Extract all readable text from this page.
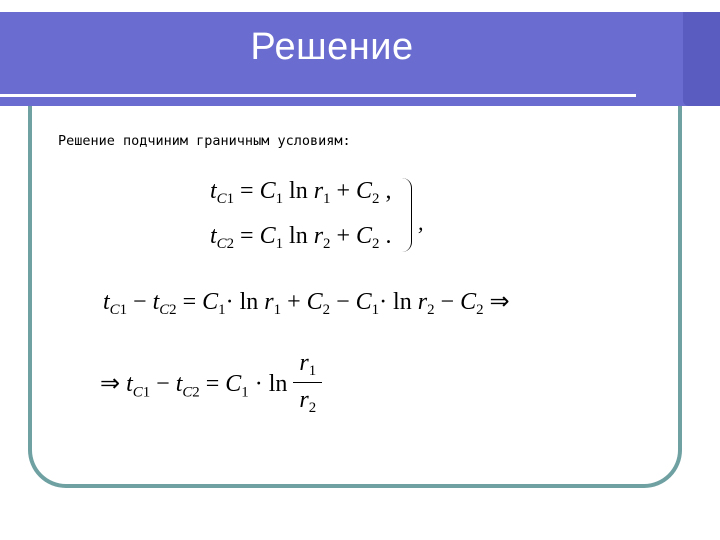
Решение
Решение подчиним граничным условиям:
$t_{C1} = C_1$ $\ln r_1 + C_2$ ,
$t_{C2} = C_1$ $\ln r_2 + C_2$ .
,
$t_{C1} - t_{C2} = C_1\cdot \ln r_1 + C_2 - C_1\cdot \ln r_2 - C_2$ ⇒
⇒ $t_{C1} - t_{C2} = C_1 \cdot \ln \frac{r_1}{r_2}$
